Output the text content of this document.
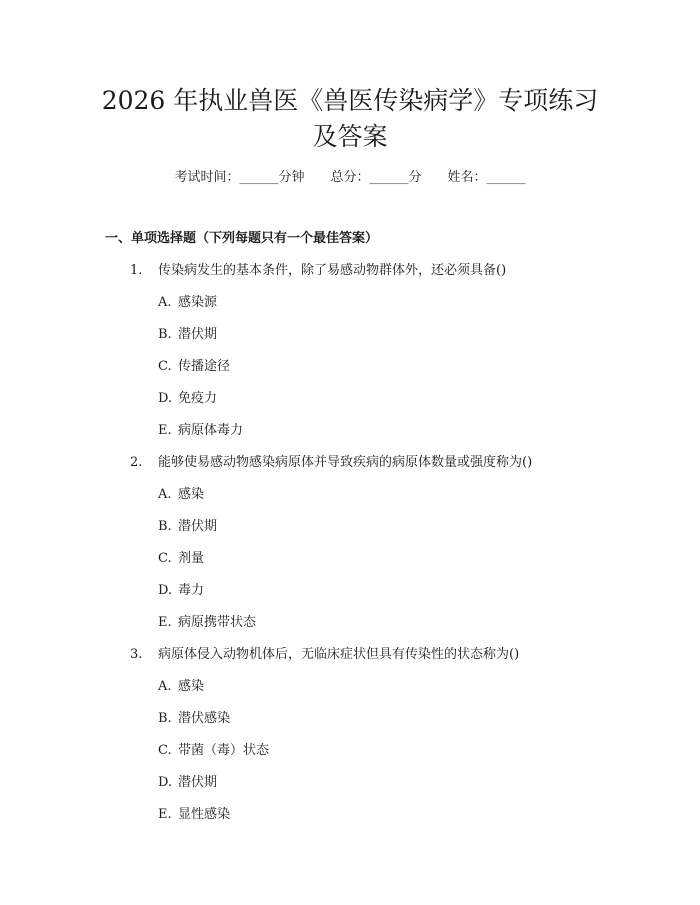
2026 年执业兽医《兽医传染病学》专项练习
及答案
考试时间：______分钟 总分：______分 姓名：______
一、单项选择题（下列每题只有一个最佳答案）
1. 传染病发生的基本条件，除了易感动物群体外，还必须具备()
A. 感染源
B. 潜伏期
C. 传播途径
D. 免疫力
E. 病原体毒力
2. 能够使易感动物感染病原体并导致疾病的病原体数量或强度称为()
A. 感染
B. 潜伏期
C. 剂量
D. 毒力
E. 病原携带状态
3. 病原体侵入动物机体后，无临床症状但具有传染性的状态称为()
A. 感染
B. 潜伏感染
C. 带菌（毒）状态
D. 潜伏期
E. 显性感染
